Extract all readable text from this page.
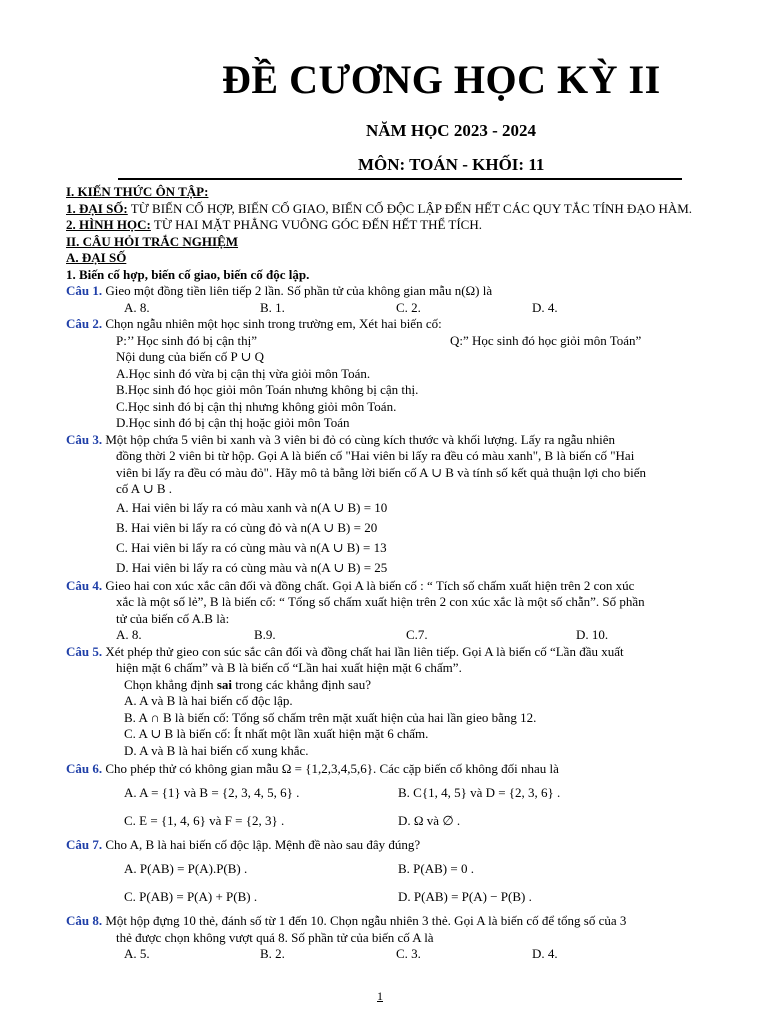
ĐỀ CƯƠNG HỌC KỲ II
NĂM HỌC 2023 - 2024
MÔN: TOÁN - KHỐI: 11

I. KIẾN THỨC ÔN TẬP:

1. ĐẠI SỐ: TỪ BIẾN CỐ HỢP, BIẾN CỐ GIAO, BIẾN CỐ ĐỘC LẬP ĐẾN HẾT CÁC QUY TẮC TÍNH ĐẠO HÀM.

2. HÌNH HỌC: TỪ HAI MẶT PHẲNG VUÔNG GÓC ĐẾN HẾT THỂ TÍCH.

II. CÂU HỎI TRẮC NGHIỆM

A. ĐẠI SỐ

1. Biến cố hợp, biến cố giao, biến cố độc lập.

Câu 1. Gieo một đồng tiền liên tiếp 2 lần. Số phần tử của không gian mẫu n(Ω) là

A. 8.	B. 1.	C. 2.	D. 4.

Câu 2. Chọn ngẫu nhiên một học sinh trong trường em, Xét hai biến cố:

P:’’ Học sinh đó bị cận thị”	Q:” Học sinh đó học giỏi môn Toán”

Nội dung của biến cố P ∪ Q

A.Học sinh đó vừa bị cận thị vừa giỏi môn Toán.

B.Học sinh đó học giỏi môn Toán nhưng không bị cận thị.

C.Học sinh đó bị cận thị nhưng không giỏi môn Toán.

D.Học sinh đó bị cận thị hoặc giỏi môn Toán

Câu 3. Một hộp chứa 5 viên bi xanh và 3 viên bi đỏ có cùng kích thước và khối lượng. Lấy ra ngẫu nhiên

đồng thời 2 viên bi từ hộp. Gọi A là biến cố "Hai viên bi lấy ra đều có màu xanh", B là biến cố "Hai

viên bi lấy ra đều có màu đỏ". Hãy mô tả bằng lời biến cố A ∪ B và tính số kết quả thuận lợi cho biến

cố A ∪ B .

A. Hai viên bi lấy ra có màu xanh và n(A ∪ B) = 10

B. Hai viên bi lấy ra có cùng đỏ và n(A ∪ B) = 20

C. Hai viên bi lấy ra có cùng màu và n(A ∪ B) = 13

D. Hai viên bi lấy ra có cùng màu và n(A ∪ B) = 25

Câu 4. Gieo hai con xúc xắc cân đối và đồng chất. Gọi A là biến cố : “ Tích số chấm xuất hiện trên 2 con xúc

xắc là một số lẻ”, B là biến cố: “ Tổng số chấm xuất hiện trên 2 con xúc xắc là một số chẵn”. Số phần

tử của biến cố A.B là:

A. 8.	B.9.	C.7.	D. 10.

Câu 5. Xét phép thử gieo con súc sắc cân đối và đồng chất hai lần liên tiếp. Gọi A là biến cố “Lần đầu xuất

hiện mặt 6 chấm” và B là biến cố “Lần hai xuất hiện mặt 6 chấm”.

Chọn khẳng định sai trong các khẳng định sau?

A. A và B là hai biến cố độc lập.

B. A ∩ B là biến cố: Tổng số chấm trên mặt xuất hiện của hai lần gieo bằng 12.

C. A ∪ B là biến cố: Ít nhất một lần xuất hiện mặt 6 chấm.

D. A và B là hai biến cố xung khắc.

Câu 6. Cho phép thử có không gian mẫu Ω = {1,2,3,4,5,6}. Các cặp biến cố không đối nhau là

A. A = {1} và B = {2, 3, 4, 5, 6} .	B. C{1, 4, 5} và D = {2, 3, 6} .
C. E = {1, 4, 6} và F = {2, 3} .	D. Ω và ∅ .

Câu 7. Cho A, B là hai biến cố độc lập. Mệnh đề nào sau đây đúng?

A. P(AB) = P(A).P(B) .	B. P(AB) = 0 .
C. P(AB) = P(A) + P(B) .	D. P(AB) = P(A) − P(B) .

Câu 8. Một hộp đựng 10 thẻ, đánh số từ 1 đến 10. Chọn ngẫu nhiên 3 thẻ. Gọi A là biến cố để tổng số của 3

thẻ được chọn không vượt quá 8. Số phần tử của biến cố A là

A. 5.	B. 2.	C. 3.	D. 4.
1
